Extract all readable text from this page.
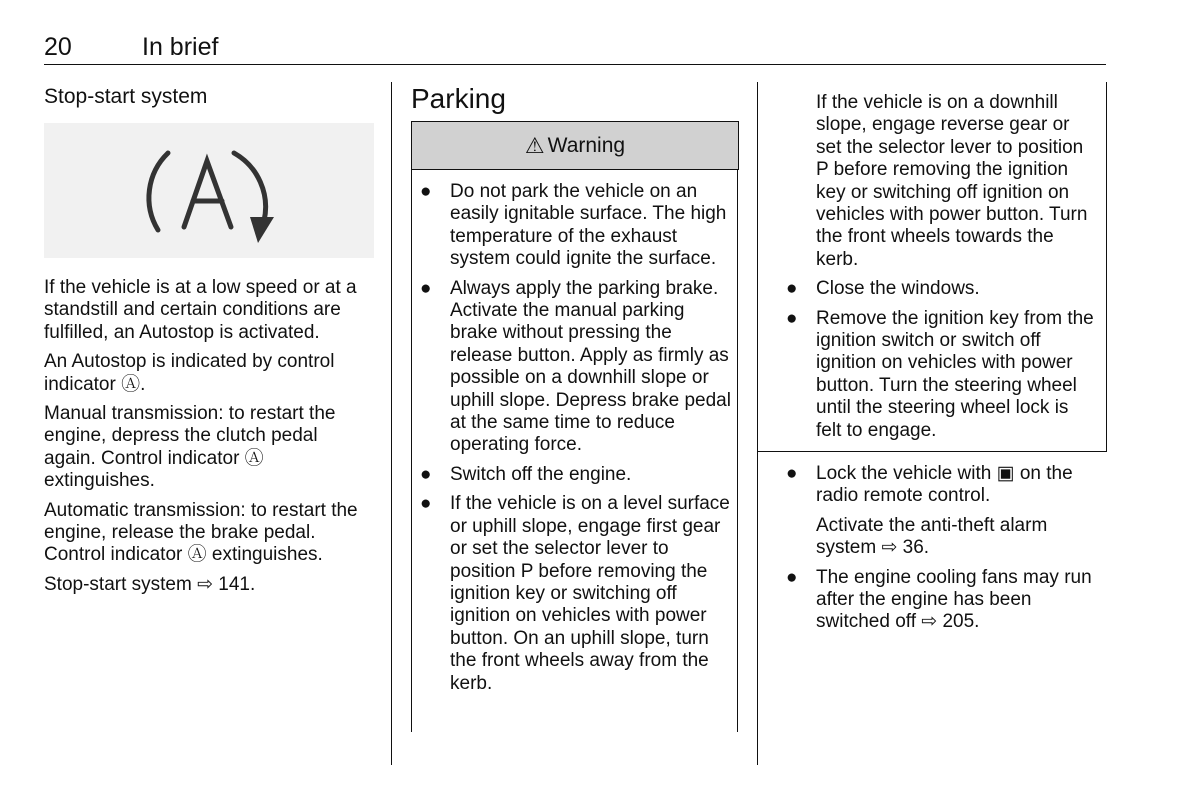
20	In brief
Stop-start system

If the vehicle is at a low speed or at a standstill and certain conditions are fulfilled, an Autostop is activated.

An Autostop is indicated by control indicator Ⓐ.

Manual transmission: to restart the engine, depress the clutch pedal again. Control indicator Ⓐ extinguishes.

Automatic transmission: to restart the engine, release the brake pedal. Control indicator Ⓐ extinguishes.

Stop-start system ⇨ 141.

Parking
⚠ Warning
● Do not park the vehicle on an easily ignitable surface. The high temperature of the exhaust system could ignite the surface.
● Always apply the parking brake. Activate the manual parking brake without pressing the release button. Apply as firmly as possible on a downhill slope or uphill slope. Depress brake pedal at the same time to reduce operating force.
● Switch off the engine.
● If the vehicle is on a level surface or uphill slope, engage first gear or set the selector lever to position P before removing the ignition key or switching off ignition on vehicles with power button. On an uphill slope, turn the front wheels away from the kerb.

If the vehicle is on a downhill slope, engage reverse gear or set the selector lever to position P before removing the ignition key or switching off ignition on vehicles with power button. Turn the front wheels towards the kerb.

● Close the windows.
● Remove the ignition key from the ignition switch or switch off ignition on vehicles with power button. Turn the steering wheel until the steering wheel lock is felt to engage.
● Lock the vehicle with ▣ on the radio remote control.

Activate the anti-theft alarm system ⇨ 36.

● The engine cooling fans may run after the engine has been switched off ⇨ 205.
